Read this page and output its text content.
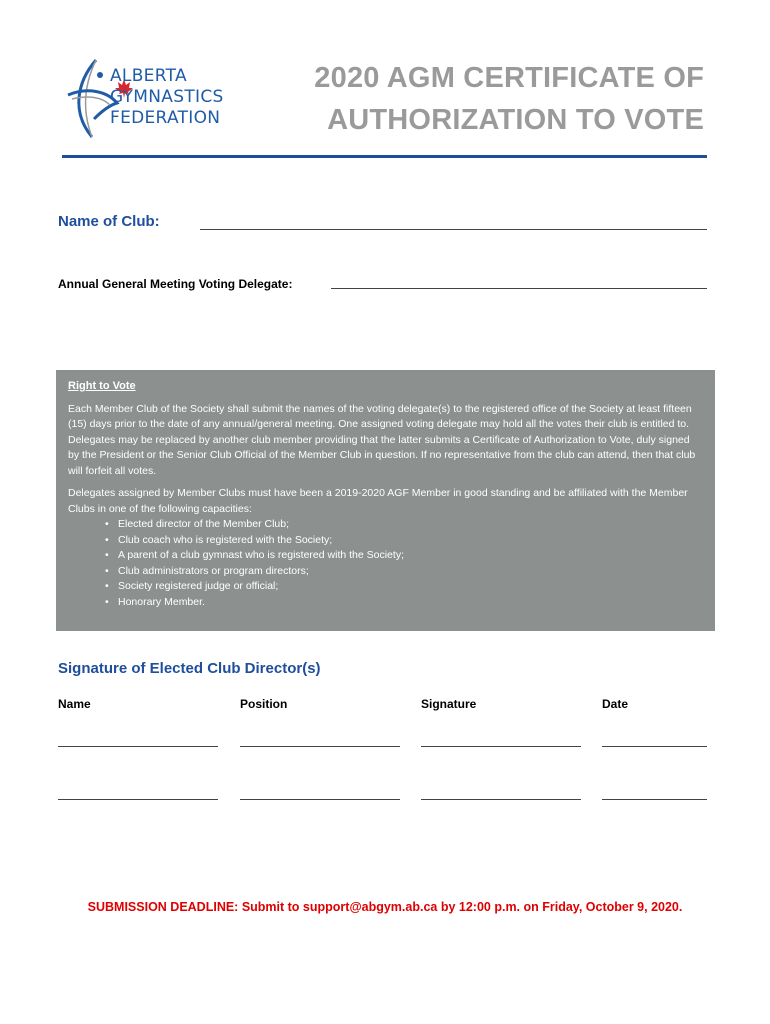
ALBERTA
GYMNASTICS
FEDERATION
2020 AGM CERTIFICATE OF
AUTHORIZATION TO VOTE
Name of Club:
Annual General Meeting Voting Delegate:
Right to Vote

Each Member Club of the Society shall submit the names of the voting delegate(s) to the registered office of the Society at least fifteen (15) days prior to the date of any annual/general meeting. One assigned voting delegate may hold all the votes their club is entitled to. Delegates may be replaced by another club member providing that the latter submits a Certificate of Authorization to Vote, duly signed by the President or the Senior Club Official of the Member Club in question. If no representative from the club can attend, then that club will forfeit all votes.

Delegates assigned by Member Clubs must have been a 2019-2020 AGF Member in good standing and be affiliated with the Member Clubs in one of the following capacities:

• Elected director of the Member Club;
• Club coach who is registered with the Society;
• A parent of a club gymnast who is registered with the Society;
• Club administrators or program directors;
• Society registered judge or official;
• Honorary Member.
Signature of Elected Club Director(s)
Name	Position	Signature	Date
SUBMISSION DEADLINE: Submit to support@abgym.ab.ca by 12:00 p.m. on Friday, October 9, 2020.
